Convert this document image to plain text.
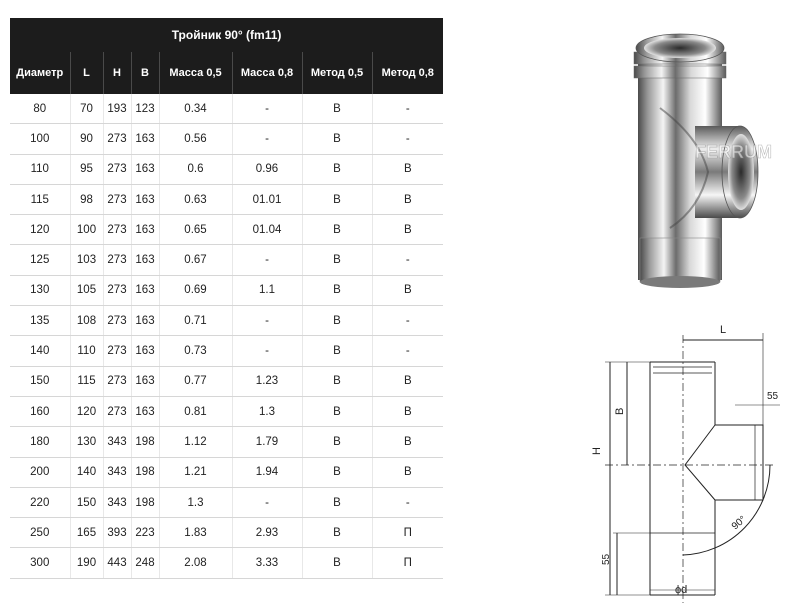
Тройник 90° (fm11)							
Диаметр	L	H	B	Масса 0,5	Масса 0,8	Метод 0,5	Метод 0,8
80	70	193	123	0.34	-	В	-
100	90	273	163	0.56	-	В	-
110	95	273	163	0.6	0.96	В	В
115	98	273	163	0.63	01.01	В	В
120	100	273	163	0.65	01.04	В	В
125	103	273	163	0.67	-	В	-
130	105	273	163	0.69	1.1	В	В
135	108	273	163	0.71	-	В	-
140	110	273	163	0.73	-	В	-
150	115	273	163	0.77	1.23	В	В
160	120	273	163	0.81	1.3	В	В
180	130	343	198	1.12	1.79	В	В
200	140	343	198	1.21	1.94	В	В
220	150	343	198	1.3	-	В	-
250	165	393	223	1.83	2.93	В	П
300	190	443	248	2.08	3.33	В	П
FERRUM
L
55
H
B
55
90°
ϕd
